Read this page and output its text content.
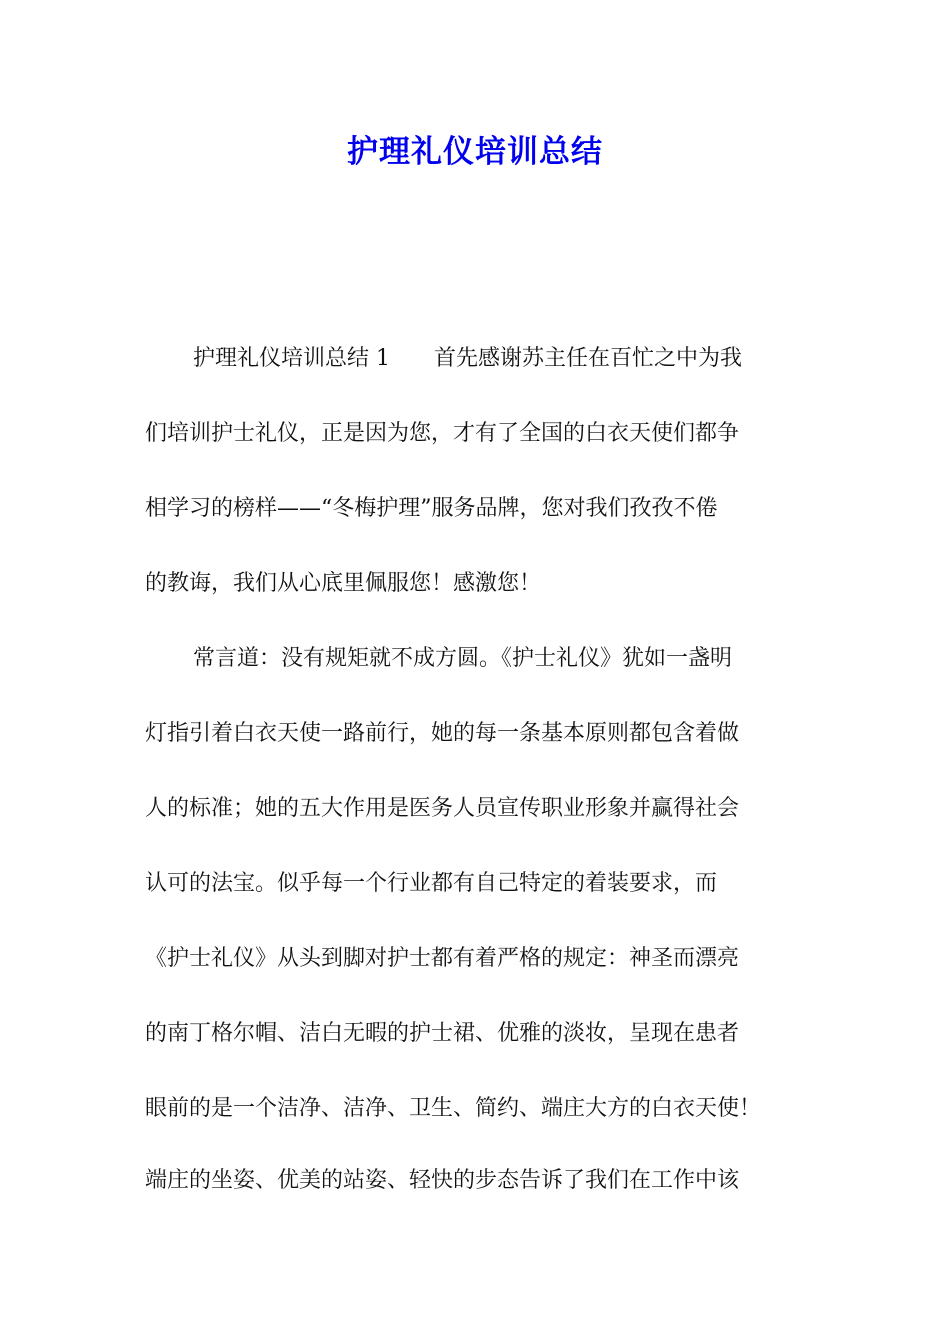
护理礼仪培训总结
护理礼仪培训总结 1 首先感谢苏主任在百忙之中为我
们培训护士礼仪，正是因为您，才有了全国的白衣天使们都争
相学习的榜样——“冬梅护理”服务品牌，您对我们孜孜不倦
的教诲，我们从心底里佩服您！感激您！
常言道：没有规矩就不成方圆。《护士礼仪》犹如一盏明
灯指引着白衣天使一路前行，她的每一条基本原则都包含着做
人的标准；她的五大作用是医务人员宣传职业形象并赢得社会
认可的法宝。似乎每一个行业都有自己特定的着装要求，而
《护士礼仪》从头到脚对护士都有着严格的规定：神圣而漂亮
的南丁格尔帽、洁白无暇的护士裙、优雅的淡妆，呈现在患者
眼前的是一个洁净、洁净、卫生、简约、端庄大方的白衣天使！
端庄的坐姿、优美的站姿、轻快的步态告诉了我们在工作中该
